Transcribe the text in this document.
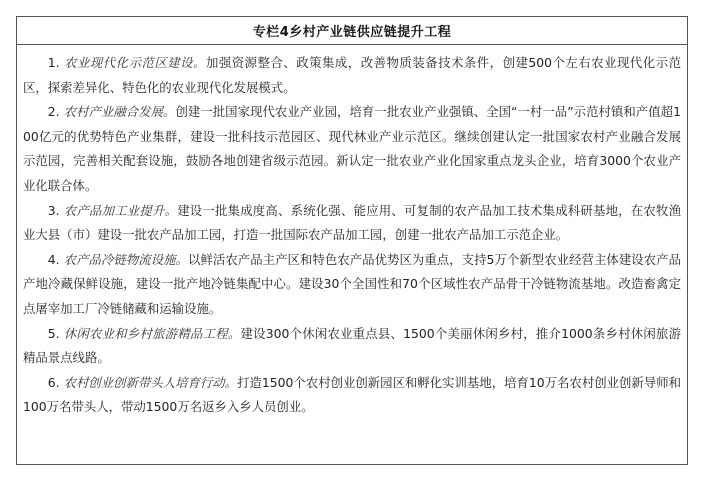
专栏4乡村产业链供应链提升工程

1. 农业现代化示范区建设。加强资源整合、政策集成，改善物质装备技术条件，创建500个左右农业现代化示范区，探索差异化、特色化的农业现代化发展模式。

2. 农村产业融合发展。创建一批国家现代农业产业园，培育一批农业产业强镇、全国“一村一品”示范村镇和产值超100亿元的优势特色产业集群，建设一批科技示范园区、现代林业产业示范区。继续创建认定一批国家农村产业融合发展示范园，完善相关配套设施，鼓励各地创建省级示范园。新认定一批农业产业化国家重点龙头企业，培育3000个农业产业化联合体。

3. 农产品加工业提升。建设一批集成度高、系统化强、能应用、可复制的农产品加工技术集成科研基地，在农牧渔业大县（市）建设一批农产品加工园，打造一批国际农产品加工园，创建一批农产品加工示范企业。

4. 农产品冷链物流设施。以鲜活农产品主产区和特色农产品优势区为重点，支持5万个新型农业经营主体建设农产品产地冷藏保鲜设施，建设一批产地冷链集配中心。建设30个全国性和70个区域性农产品骨干冷链物流基地。改造畜禽定点屠宰加工厂冷链储藏和运输设施。

5. 休闲农业和乡村旅游精品工程。建设300个休闲农业重点县、1500个美丽休闲乡村，推介1000条乡村休闲旅游精品景点线路。

6. 农村创业创新带头人培育行动。打造1500个农村创业创新园区和孵化实训基地，培育10万名农村创业创新导师和100万名带头人，带动1500万名返乡入乡人员创业。
